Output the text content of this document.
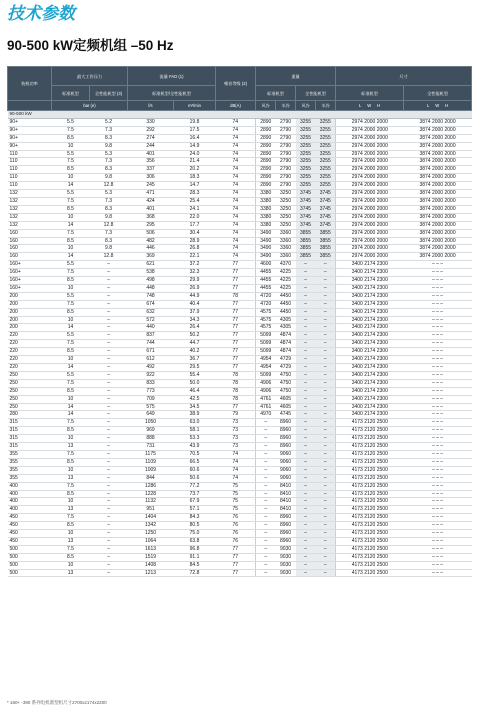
技术参数
90-500 kW定频机组 –50 Hz
装机功率	最大工作压力		流量 FAD (1)		噪音等级 (2)	重量				尺寸	
	标准机型	全性能机型 (3)	标准机型/全性能机型			标准机型		全性能机型		标准机型	全性能机型
	bar (e)		l/s	m³/min	dB(A)	风冷	水冷	风冷	水冷	L W H	L W H
90-500 kW											
90+	5.5	5.2	330	19.8	74	2890	2790	3255	3255	2974 2000 2000	3874 2000 2000
90+	7.5	7.3	292	17.5	74	2890	2790	3255	3255	2974 2000 2000	3874 2000 2000
90+	8.5	8.3	274	16.4	74	2890	2790	3255	3255	2974 2000 2000	3874 2000 2000
90+	10	9.8	244	14.9	74	2890	2790	3255	3255	2974 2000 2000	3874 2000 2000
110	5.5	5.3	401	24.0	74	2890	2790	3255	3255	2974 2000 2000	3874 2000 2000
110	7.5	7.3	356	21.4	74	2890	2790	3255	3255	2974 2000 2000	3874 2000 2000
110	8.5	8.3	337	20.2	74	2890	2790	3255	3255	2974 2000 2000	3874 2000 2000
110	10	9.8	306	18.3	74	2890	2790	3255	3255	2974 2000 2000	3874 2000 2000
110	14	12.8	245	14.7	74	2890	2790	3255	3255	2974 2000 2000	3874 2000 2000
132	5.5	5.3	471	28.3	74	3380	3250	3745	3745	2974 2000 2000	3874 2000 2000
132	7.5	7.3	424	25.4	74	3380	3250	3745	3745	2974 2000 2000	3874 2000 2000
132	8.5	8.3	401	24.1	74	3380	3250	3745	3745	2974 2000 2000	3874 2000 2000
132	10	9.8	368	22.0	74	3380	3250	3745	3745	2974 2000 2000	3874 2000 2000
132	14	12.8	295	17.7	74	3380	3250	3745	3745	2974 2000 2000	3874 2000 2000
160	7.5	7.3	506	30.4	74	3490	3360	3855	3855	2974 2000 2000	3874 2000 2000
160	8.5	8.3	482	28.9	74	3490	3360	3855	3855	2974 2000 2000	3874 2000 2000
160	10	9.8	446	26.8	74	3490	3360	3855	3855	2974 2000 2000	3874 2000 2000
160	14	12.8	369	22.1	74	3490	3360	3855	3855	2974 2000 2000	3874 2000 2000
160+	5.5	–	621	37.2	77	4600	4370	–	–	3400 2174 2300	– – –
160+	7.5	–	538	32.3	77	4455	4225	–	–	3400 2174 2300	– – –
160+	8.5	–	498	29.9	77	4455	4225	–	–	3400 2174 2300	– – –
160+	10	–	448	26.9	77	4455	4225	–	–	3400 2174 2300	– – –
200	5.5	–	748	44.9	78	4720	4450	–	–	3400 2174 2300	– – –
200	7.5	–	674	40.4	77	4720	4450	–	–	3400 2174 2300	– – –
200	8.5	–	632	37.9	77	4575	4450	–	–	3400 2174 2300	– – –
200	10	–	572	34.3	77	4575	4305	–	–	3400 2174 2300	– – –
200	14	–	440	26.4	77	4575	4305	–	–	3400 2174 2300	– – –
220	5.5	–	837	50.2	77	5099	4874	–	–	3400 2174 2300	– – –
220	7.5	–	744	44.7	77	5099	4874	–	–	3400 2174 2300	– – –
220	8.5	–	671	40.2	77	5099	4874	–	–	3400 2174 2300	– – –
220	10	–	612	36.7	77	4954	4729	–	–	3400 2174 2300	– – –
220	14	–	492	29.5	77	4954	4729	–	–	3400 2174 2300	– – –
250	5.5	–	922	55.4	78	5099	4750	–	–	3400 2174 2300	– – –
250	7.5	–	833	50.0	78	4906	4750	–	–	3400 2174 2300	– – –
250	8.5	–	773	46.4	78	4906	4750	–	–	3400 2174 2300	– – –
250	10	–	709	42.5	78	4761	4605	–	–	3400 2174 2300	– – –
250	14	–	575	34.5	77	4761	4605	–	–	3400 2174 2300	– – –
280	14	–	649	38.9	79	4970	4745	–	–	3400 2174 2300	– – –
315	7.5	–	1050	63.0	73	–	8960	–	–	4173 2120 2500	– – –
315	8.5	–	969	58.1	73	–	8960	–	–	4173 2120 2500	– – –
315	10	–	888	53.3	73	–	8960	–	–	4173 2120 2500	– – –
315	13	–	731	43.9	73	–	8960	–	–	4173 2120 2500	– – –
355	7.5	–	1175	70.5	74	–	9060	–	–	4173 2120 2500	– – –
355	8.5	–	1109	66.5	74	–	9060	–	–	4173 2120 2500	– – –
355	10	–	1009	60.6	74	–	9060	–	–	4173 2120 2500	– – –
355	13	–	844	50.6	74	–	9060	–	–	4173 2120 2500	– – –
400	7.5	–	1286	77.2	75	–	8410	–	–	4173 2120 2500	– – –
400	8.5	–	1228	73.7	75	–	8410	–	–	4173 2120 2500	– – –
400	10	–	1132	67.9	75	–	8410	–	–	4173 2120 2500	– – –
400	13	–	951	57.1	75	–	8410	–	–	4173 2120 2500	– – –
450	7.5	–	1404	84.3	76	–	8960	–	–	4173 2120 2500	– – –
450	8.5	–	1342	80.5	76	–	8960	–	–	4173 2120 2500	– – –
450	10	–	1250	75.0	76	–	8960	–	–	4173 2120 2500	– – –
450	13	–	1064	63.8	76	–	8960	–	–	4173 2120 2500	– – –
500	7.5	–	1613	96.8	77	–	9030	–	–	4173 2120 2500	– – –
500	8.5	–	1519	91.1	77	–	9030	–	–	4173 2120 2500	– – –
500	10	–	1408	84.5	77	–	9030	–	–	4173 2120 2500	– – –
500	13	–	1213	72.8	77	–	9030	–	–	4173 2120 2500	– – –
* 160+ -390 系列电机派型机尺寸2700x2174x2200
